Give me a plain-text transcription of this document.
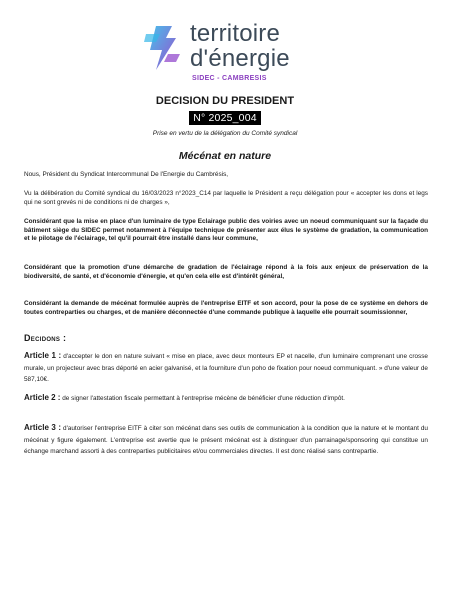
territoire
d'énergie
SIDEC - CAMBRESIS
DECISION DU PRESIDENT
N° 2025_004
Prise en vertu de la délégation du Comité syndical
Mécénat en nature
Nous, Président du Syndicat Intercommunal De l'Energie du Cambrésis,
Vu la délibération du Comité syndical du 16/03/2023 n°2023_C14 par laquelle le Président a reçu délégation pour « accepter les dons et legs qui ne sont grevés ni de conditions ni de charges »,
Considérant que la mise en place d'un luminaire de type Eclairage public des voiries avec un noeud communiquant sur la façade du bâtiment siège du SIDEC permet notamment à l'équipe technique de présenter aux élus le système de gradation, la communication et le pilotage de l'éclairage, tel qu'il pourrait être installé dans leur commune,
Considérant que la promotion d'une démarche de gradation de l'éclairage répond à la fois aux enjeux de préservation de la biodiversité, de santé, et d'économie d'énergie, et qu'en cela elle est d'intérêt général,
Considérant la demande de mécénat formulée auprès de l'entreprise EITF et son accord, pour la pose de ce système en dehors de toutes contreparties ou charges, et de manière déconnectée d'une commande publique à laquelle elle pourrait soumissionner,
Decidons :
Article 1 : d'accepter le don en nature suivant « mise en place, avec deux monteurs EP et nacelle, d'un luminaire comprenant une crosse murale, un projecteur avec bras déporté en acier galvanisé, et la fourniture d'un poho de fixation pour noeud communiquant. » d'une valeur de 587,10€.
Article 2 : de signer l'attestation fiscale permettant à l'entreprise mécène de bénéficier d'une réduction d'impôt.
Article 3 : d'autoriser l'entreprise EITF à citer son mécénat dans ses outils de communication à la condition que la nature et le montant du mécénat y figure également. L'entreprise est avertie que le présent mécénat est à distinguer d'un parrainage/sponsoring qui constitue un échange marchand assorti à des contreparties publicitaires et/ou commerciales directes. Il est donc réalisé sans contrepartie.
